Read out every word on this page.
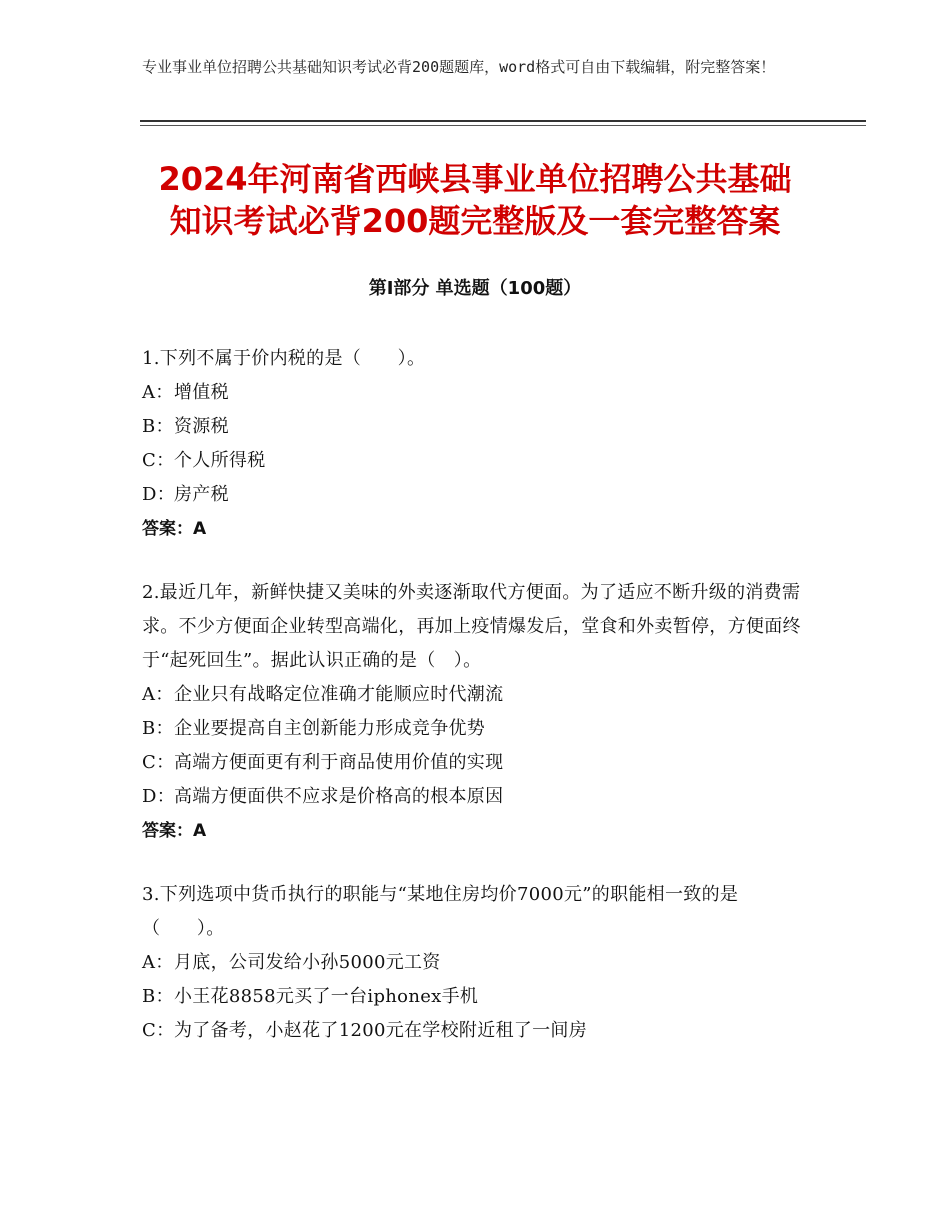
专业事业单位招聘公共基础知识考试必背200题题库，word格式可自由下载编辑，附完整答案！
2024年河南省西峡县事业单位招聘公共基础
知识考试必背200题完整版及一套完整答案
第Ⅰ部分 单选题（100题）
1.下列不属于价内税的是（　　）。
A：增值税
B：资源税
C：个人所得税
D：房产税
答案：A
2.最近几年，新鲜快捷又美味的外卖逐渐取代方便面。为了适应不断升级的消费需求。不少方便面企业转型高端化，再加上疫情爆发后，堂食和外卖暂停，方便面终于“起死回生”。据此认识正确的是（　）。
A：企业只有战略定位准确才能顺应时代潮流
B：企业要提高自主创新能力形成竞争优势
C：高端方便面更有利于商品使用价值的实现
D：高端方便面供不应求是价格高的根本原因
答案：A
3.下列选项中货币执行的职能与“某地住房均价7000元”的职能相一致的是（　　）。
A：月底，公司发给小孙5000元工资
B：小王花8858元买了一台iphonex手机
C：为了备考，小赵花了1200元在学校附近租了一间房
